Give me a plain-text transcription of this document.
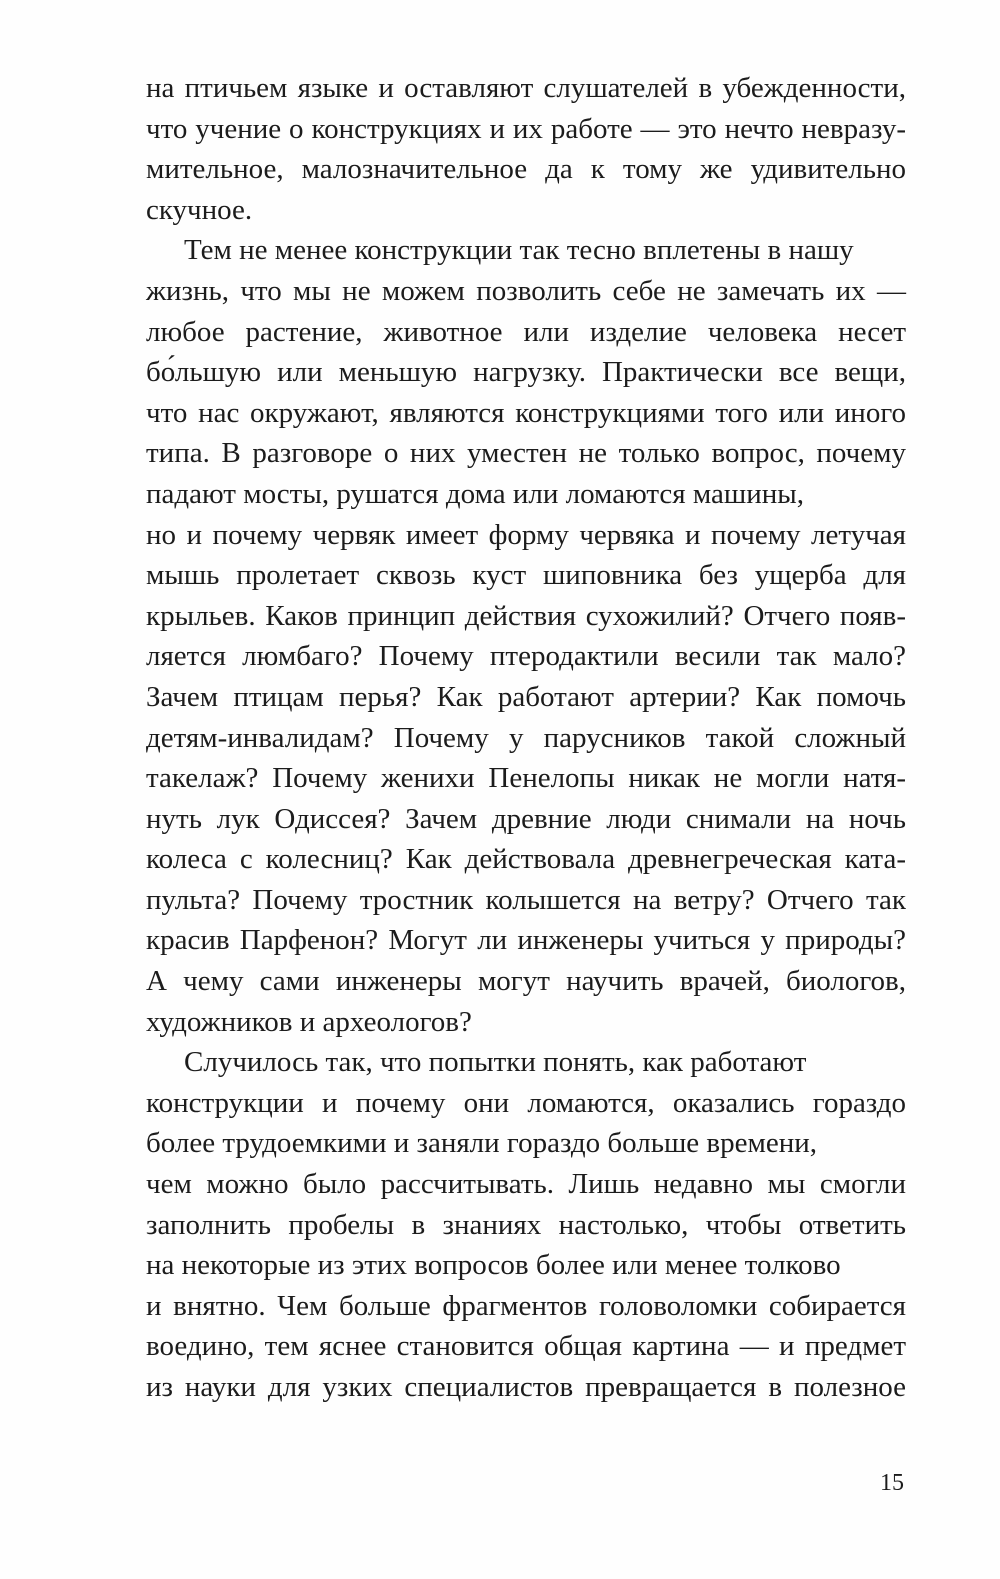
на птичьем языке и оставляют слушателей в убежденности,
что учение о конструкциях и их работе — это нечто невразу-
мительное, малозначительное да к тому же удивительно
скучное.
Тем не менее конструкции так тесно вплетены в нашу
жизнь, что мы не можем позволить себе не замечать их —
любое растение, животное или изделие человека несет
бо́льшую или меньшую нагрузку. Практически все вещи,
что нас окружают, являются конструкциями того или иного
типа. В разговоре о них уместен не только вопрос, почему
падают мосты, рушатся дома или ломаются машины,
но и почему червяк имеет форму червяка и почему летучая
мышь пролетает сквозь куст шиповника без ущерба для
крыльев. Каков принцип действия сухожилий? Отчего появ-
ляется люмбаго? Почему птеродактили весили так мало?
Зачем птицам перья? Как работают артерии? Как помочь
детям-инвалидам? Почему у парусников такой сложный
такелаж? Почему женихи Пенелопы никак не могли натя-
нуть лук Одиссея? Зачем древние люди снимали на ночь
колеса с колесниц? Как действовала древнегреческая ката-
пульта? Почему тростник колышется на ветру? Отчего так
красив Парфенон? Могут ли инженеры учиться у природы?
А чему сами инженеры могут научить врачей, биологов,
художников и археологов?
Случилось так, что попытки понять, как работают
конструкции и почему они ломаются, оказались гораздо
более трудоемкими и заняли гораздо больше времени,
чем можно было рассчитывать. Лишь недавно мы смогли
заполнить пробелы в знаниях настолько, чтобы ответить
на некоторые из этих вопросов более или менее толково
и внятно. Чем больше фрагментов головоломки собирается
воедино, тем яснее становится общая картина — и предмет
из науки для узких специалистов превращается в полезное
15
